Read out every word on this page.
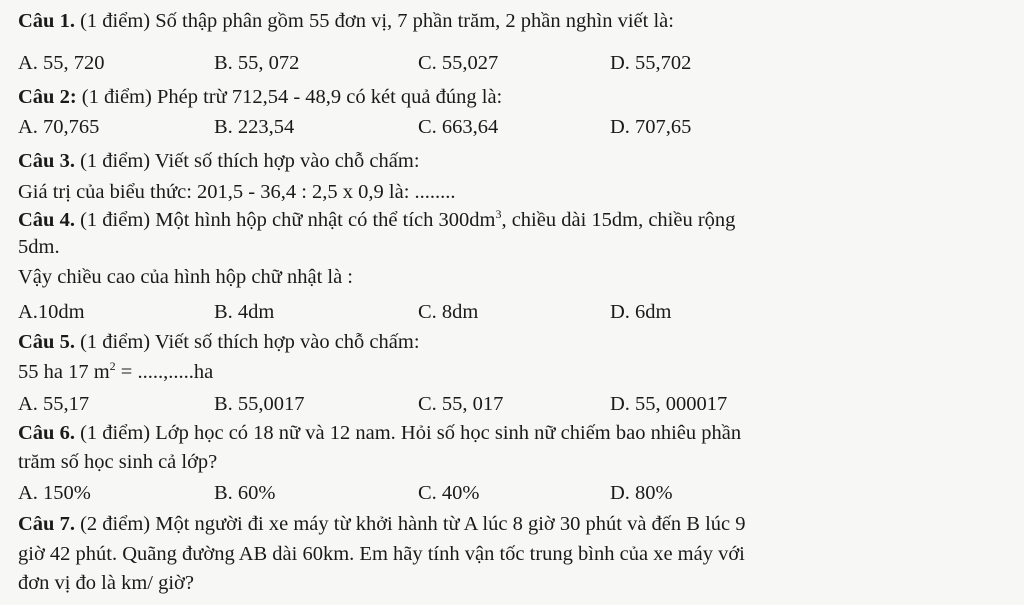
Câu 1. (1 điểm) Số thập phân gồm 55 đơn vị, 7 phần trăm, 2 phần nghìn viết là:
A. 55, 720	B. 55, 072	C. 55,027	D. 55,702
Câu 2: (1 điểm) Phép trừ 712,54 - 48,9 có két quả đúng là:
A. 70,765	B. 223,54	C. 663,64	D. 707,65
Câu 3. (1 điểm) Viết số thích hợp vào chỗ chấm:
Giá trị của biểu thức: 201,5 - 36,4 : 2,5 x 0,9 là: ........
Câu 4. (1 điểm) Một hình hộp chữ nhật có thể tích $300dm^3$, chiều dài 15dm, chiều rộng
5dm.
Vậy chiều cao của hình hộp chữ nhật là :
A.10dm	B. 4dm	C. 8dm	D. 6dm
Câu 5. (1 điểm) Viết số thích hợp vào chỗ chấm:
55 ha 17 $m^2 = .....,.....ha$
A. 55,17	B. 55,0017	C. 55, 017	D. 55, 000017
Câu 6. (1 điểm) Lớp học có 18 nữ và 12 nam. Hỏi số học sinh nữ chiếm bao nhiêu phần
trăm số học sinh cả lớp?
A. 150%	B. 60%	C. 40%	D. 80%
Câu 7. (2 điểm) Một người đi xe máy từ khởi hành từ A lúc 8 giờ 30 phút và đến B lúc 9
giờ 42 phút. Quãng đường AB dài 60km. Em hãy tính vận tốc trung bình của xe máy với
đơn vị đo là km/ giờ?
